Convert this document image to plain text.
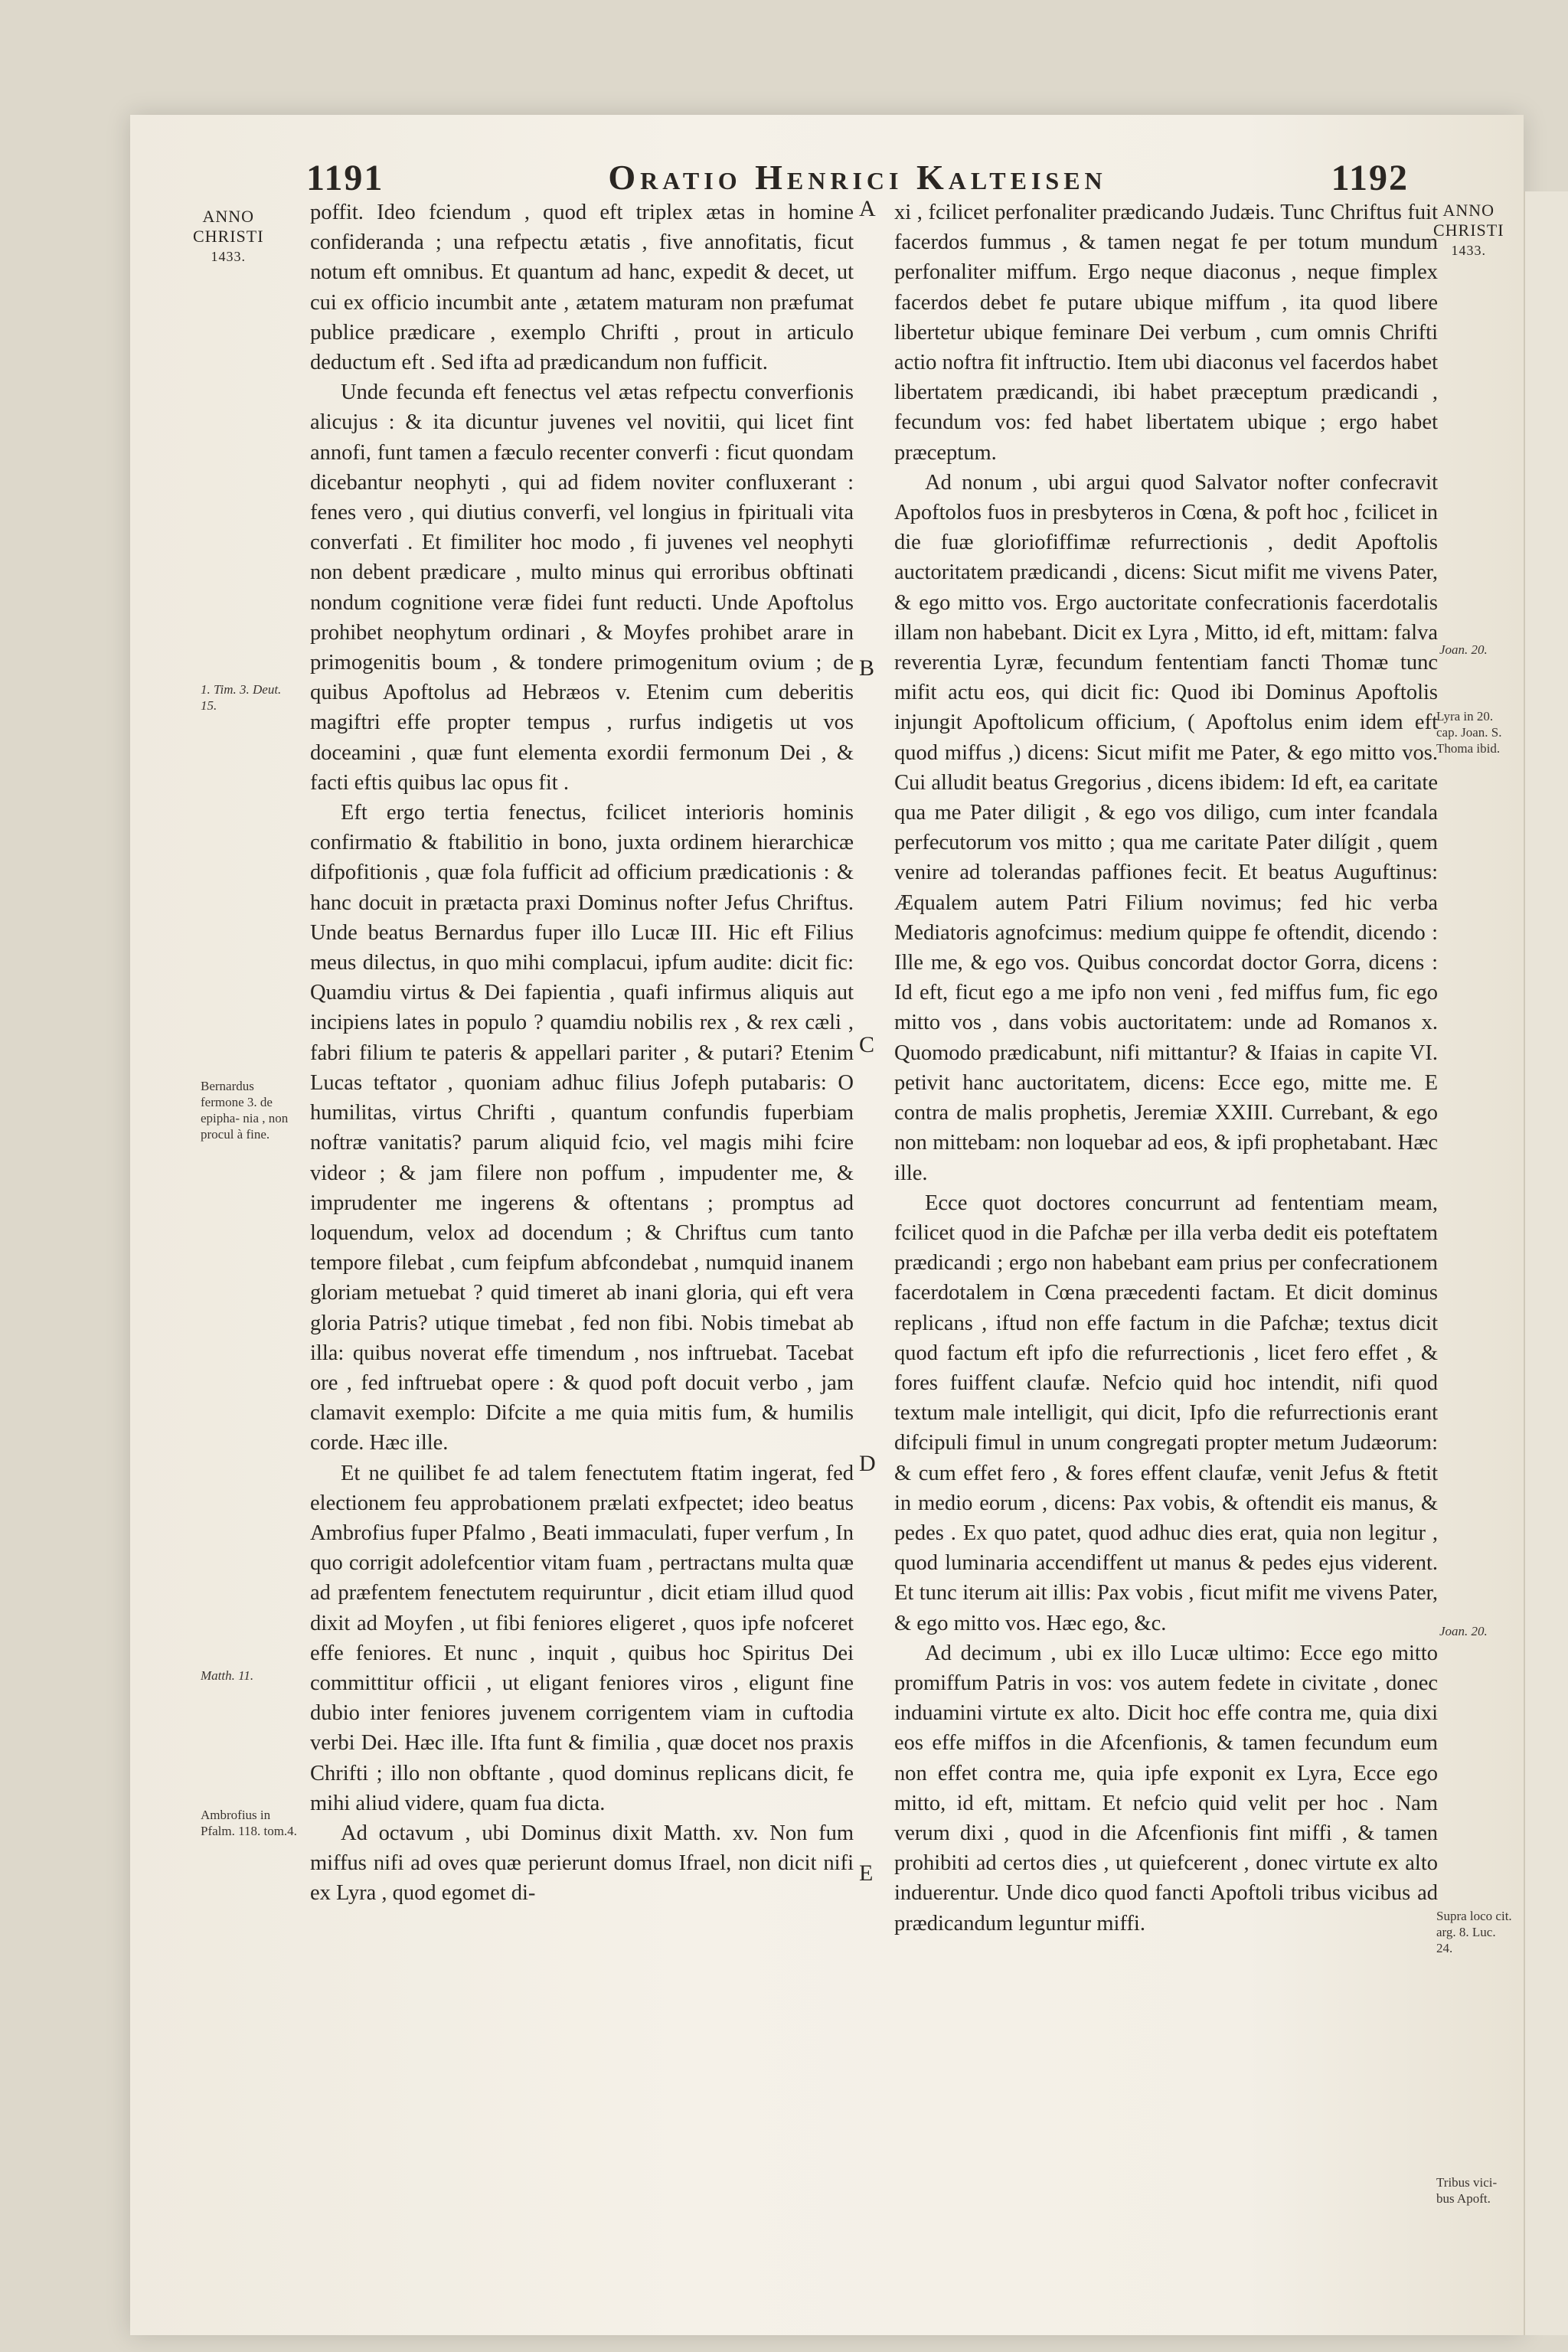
1191	Oratio Henrici Kalteisen	1192
ANNO
CHRISTI
1433.
ANNO
CHRISTI
1433.
1. Tim. 3. Deut. 15.
Bernardus fermone 3. de epipha- nia , non procul à fine.
Matth. 11.
Ambrofius in Pfalm. 118. tom.4.
Joan. 20.
Lyra in 20. cap. Joan. S. Thoma ibid.
Joan. 20.
Supra loco cit. arg. 8. Luc. 24.
Tribus vici- bus Apoft.
A
B
C
D
E

poffit. Ideo fciendum , quod eft triplex ætas in homine confideranda ; una refpectu ætatis , five annofitatis, ficut notum eft omnibus. Et quantum ad hanc, expedit & decet, ut cui ex officio incumbit ante , ætatem maturam non præfumat publice prædicare , exemplo Chrifti , prout in articulo deductum eft . Sed ifta ad prædicandum non fufficit.

Unde fecunda eft fenectus vel ætas refpectu converfionis alicujus : & ita dicuntur juvenes vel novitii, qui licet fint annofi, funt tamen a fæculo recenter converfi : ficut quondam dicebantur neophyti , qui ad fidem noviter confluxerant : fenes vero , qui diutius converfi, vel longius in fpirituali vita converfati . Et fimiliter hoc modo , fi juvenes vel neophyti non debent prædicare , multo minus qui erroribus obftinati nondum cognitione veræ fidei funt reducti. Unde Apoftolus prohibet neophytum ordinari , & Moyfes prohibet arare in primogenitis boum , & tondere primogenitum ovium ; de quibus Apoftolus ad Hebræos v. Etenim cum deberitis magiftri effe propter tempus , rurfus indigetis ut vos doceamini , quæ funt elementa exordii fermonum Dei , & facti eftis quibus lac opus fit .

Eft ergo tertia fenectus, fcilicet interioris hominis confirmatio & ftabilitio in bono, juxta ordinem hierarchicæ difpofitionis , quæ fola fufficit ad officium prædicationis : & hanc docuit in prætacta praxi Dominus nofter Jefus Chriftus. Unde beatus Bernardus fuper illo Lucæ III. Hic eft Filius meus dilectus, in quo mihi complacui, ipfum audite: dicit fic: Quamdiu virtus & Dei fapientia , quafi infirmus aliquis aut incipiens lates in populo ? quamdiu nobilis rex , & rex cæli , fabri filium te pateris & appellari pariter , & putari? Etenim Lucas teftator , quoniam adhuc filius Jofeph putabaris: O humilitas, virtus Chrifti , quantum confundis fuperbiam noftræ vanitatis? parum aliquid fcio, vel magis mihi fcire videor ; & jam filere non poffum , impudenter me, & imprudenter me ingerens & oftentans ; promptus ad loquendum, velox ad docendum ; & Chriftus cum tanto tempore filebat , cum feipfum abfcondebat , numquid inanem gloriam metuebat ? quid timeret ab inani gloria, qui eft vera gloria Patris? utique timebat , fed non fibi. Nobis timebat ab illa: quibus noverat effe timendum , nos inftruebat. Tacebat ore , fed inftruebat opere : & quod poft docuit verbo , jam clamavit exemplo: Difcite a me quia mitis fum, & humilis corde. Hæc ille.

Et ne quilibet fe ad talem fenectutem ftatim ingerat, fed electionem feu approbationem prælati exfpectet; ideo beatus Ambrofius fuper Pfalmo , Beati immaculati, fuper verfum , In quo corrigit adolefcentior vitam fuam , pertractans multa quæ ad præfentem fenectutem requiruntur , dicit etiam illud quod dixit ad Moyfen , ut fibi feniores eligeret , quos ipfe nofceret effe feniores. Et nunc , inquit , quibus hoc Spiritus Dei committitur officii , ut eligant feniores viros , eligunt fine dubio inter feniores juvenem corrigentem viam in cuftodia verbi Dei. Hæc ille. Ifta funt & fimilia , quæ docet nos praxis Chrifti ; illo non obftante , quod dominus replicans dicit, fe mihi aliud videre, quam fua dicta.

Ad octavum , ubi Dominus dixit Matth. xv. Non fum miffus nifi ad oves quæ perierunt domus Ifrael, non dicit nifi ex Lyra , quod egomet di-

xi , fcilicet perfonaliter prædicando Judæis. Tunc Chriftus fuit facerdos fummus , & tamen negat fe per totum mundum perfonaliter miffum. Ergo neque diaconus , neque fimplex facerdos debet fe putare ubique miffum , ita quod libere libertetur ubique feminare Dei verbum , cum omnis Chrifti actio noftra fit inftructio. Item ubi diaconus vel facerdos habet libertatem prædicandi, ibi habet præceptum prædicandi , fecundum vos: fed habet libertatem ubique ; ergo habet præceptum.

Ad nonum , ubi argui quod Salvator nofter confecravit Apoftolos fuos in presbyteros in Cœna, & poft hoc , fcilicet in die fuæ gloriofiffimæ refurrectionis , dedit Apoftolis auctoritatem prædicandi , dicens: Sicut mifit me vivens Pater, & ego mitto vos. Ergo auctoritate confecrationis facerdotalis illam non habebant. Dicit ex Lyra , Mitto, id eft, mittam: falva reverentia Lyræ, fecundum fententiam fancti Thomæ tunc mifit actu eos, qui dicit fic: Quod ibi Dominus Apoftolis injungit Apoftolicum officium, ( Apoftolus enim idem eft quod miffus ,) dicens: Sicut mifit me Pater, & ego mitto vos. Cui alludit beatus Gregorius , dicens ibidem: Id eft, ea caritate qua me Pater diligit , & ego vos diligo, cum inter fcandala perfecutorum vos mitto ; qua me caritate Pater dilígit , quem venire ad tolerandas paffiones fecit. Et beatus Auguftinus: Æqualem autem Patri Filium novimus; fed hic verba Mediatoris agnofcimus: medium quippe fe oftendit, dicendo : Ille me, & ego vos. Quibus concordat doctor Gorra, dicens : Id eft, ficut ego a me ipfo non veni , fed miffus fum, fic ego mitto vos , dans vobis auctoritatem: unde ad Romanos x. Quomodo prædicabunt, nifi mittantur? & Ifaias in capite VI. petivit hanc auctoritatem, dicens: Ecce ego, mitte me. E contra de malis prophetis, Jeremiæ XXIII. Currebant, & ego non mittebam: non loquebar ad eos, & ipfi prophetabant. Hæc ille.

Ecce quot doctores concurrunt ad fententiam meam, fcilicet quod in die Pafchæ per illa verba dedit eis poteftatem prædicandi ; ergo non habebant eam prius per confecrationem facerdotalem in Cœna præcedenti factam. Et dicit dominus replicans , iftud non effe factum in die Pafchæ; textus dicit quod factum eft ipfo die refurrectionis , licet fero effet , & fores fuiffent claufæ. Nefcio quid hoc intendit, nifi quod textum male intelligit, qui dicit, Ipfo die refurrectionis erant difcipuli fimul in unum congregati propter metum Judæorum: & cum effet fero , & fores effent claufæ, venit Jefus & ftetit in medio eorum , dicens: Pax vobis, & oftendit eis manus, & pedes . Ex quo patet, quod adhuc dies erat, quia non legitur , quod luminaria accendiffent ut manus & pedes ejus viderent. Et tunc iterum ait illis: Pax vobis , ficut mifit me vivens Pater, & ego mitto vos. Hæc ego, &c.

Ad decimum , ubi ex illo Lucæ ultimo: Ecce ego mitto promiffum Patris in vos: vos autem fedete in civitate , donec induamini virtute ex alto. Dicit hoc effe contra me, quia dixi eos effe miffos in die Afcenfionis, & tamen fecundum eum non effet contra me, quia ipfe exponit ex Lyra, Ecce ego mitto, id eft, mittam. Et nefcio quid velit per hoc . Nam verum dixi , quod in die Afcenfionis fint miffi , & tamen prohibiti ad certos dies , ut quiefcerent , donec virtute ex alto induerentur. Unde dico quod fancti Apoftoli tribus vicibus ad prædicandum leguntur miffi.
